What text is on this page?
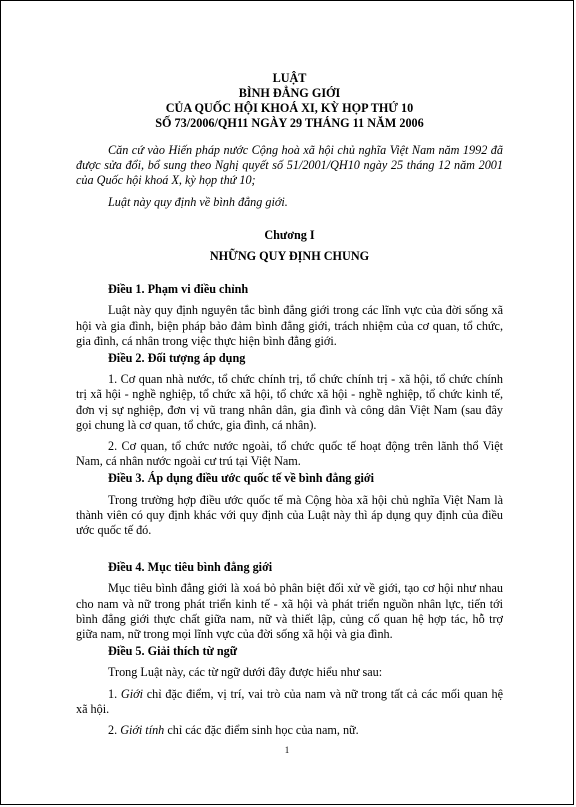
LUẬT
BÌNH ĐẲNG GIỚI
CỦA QUỐC HỘI KHOÁ XI, KỲ HỌP THỨ 10
SỐ 73/2006/QH11 NGÀY 29 THÁNG 11 NĂM 2006

Căn cứ vào Hiến pháp nước Cộng hoà xã hội chủ nghĩa Việt Nam năm 1992 đã được sửa đổi, bổ sung theo Nghị quyết số 51/2001/QH10 ngày 25 tháng 12 năm 2001 của Quốc hội khoá X, kỳ họp thứ 10;

Luật này quy định về bình đẳng giới.

Chương I
NHỮNG QUY ĐỊNH CHUNG
Điều 1. Phạm vi điều chỉnh

Luật này quy định nguyên tắc bình đẳng giới trong các lĩnh vực của đời sống xã hội và gia đình, biện pháp bảo đảm bình đẳng giới, trách nhiệm của cơ quan, tổ chức, gia đình, cá nhân trong việc thực hiện bình đẳng giới.

Điều 2. Đối tượng áp dụng

1. Cơ quan nhà nước, tổ chức chính trị, tổ chức chính trị - xã hội, tổ chức chính trị xã hội - nghề nghiệp, tổ chức xã hội, tổ chức xã hội - nghề nghiệp, tổ chức kinh tế, đơn vị sự nghiệp, đơn vị vũ trang nhân dân, gia đình và công dân Việt Nam (sau đây gọi chung là cơ quan, tổ chức, gia đình, cá nhân).

2. Cơ quan, tổ chức nước ngoài, tổ chức quốc tế hoạt động trên lãnh thổ Việt Nam, cá nhân nước ngoài cư trú tại Việt Nam.

Điều 3. Áp dụng điều ước quốc tế về bình đẳng giới

Trong trường hợp điều ước quốc tế mà Cộng hòa xã hội chủ nghĩa Việt Nam là thành viên có quy định khác với quy định của Luật này thì áp dụng quy định của điều ước quốc tế đó.

Điều 4. Mục tiêu bình đẳng giới

Mục tiêu bình đẳng giới là xoá bỏ phân biệt đối xử về giới, tạo cơ hội như nhau cho nam và nữ trong phát triển kinh tế - xã hội và phát triển nguồn nhân lực, tiến tới bình đẳng giới thực chất giữa nam, nữ và thiết lập, củng cố quan hệ hợp tác, hỗ trợ giữa nam, nữ trong mọi lĩnh vực của đời sống xã hội và gia đình.

Điều 5. Giải thích từ ngữ

Trong Luật này, các từ ngữ dưới đây được hiểu như sau:

1. Giới chỉ đặc điểm, vị trí, vai trò của nam và nữ trong tất cả các mối quan hệ xã hội.

2. Giới tính chỉ các đặc điểm sinh học của nam, nữ.

1
